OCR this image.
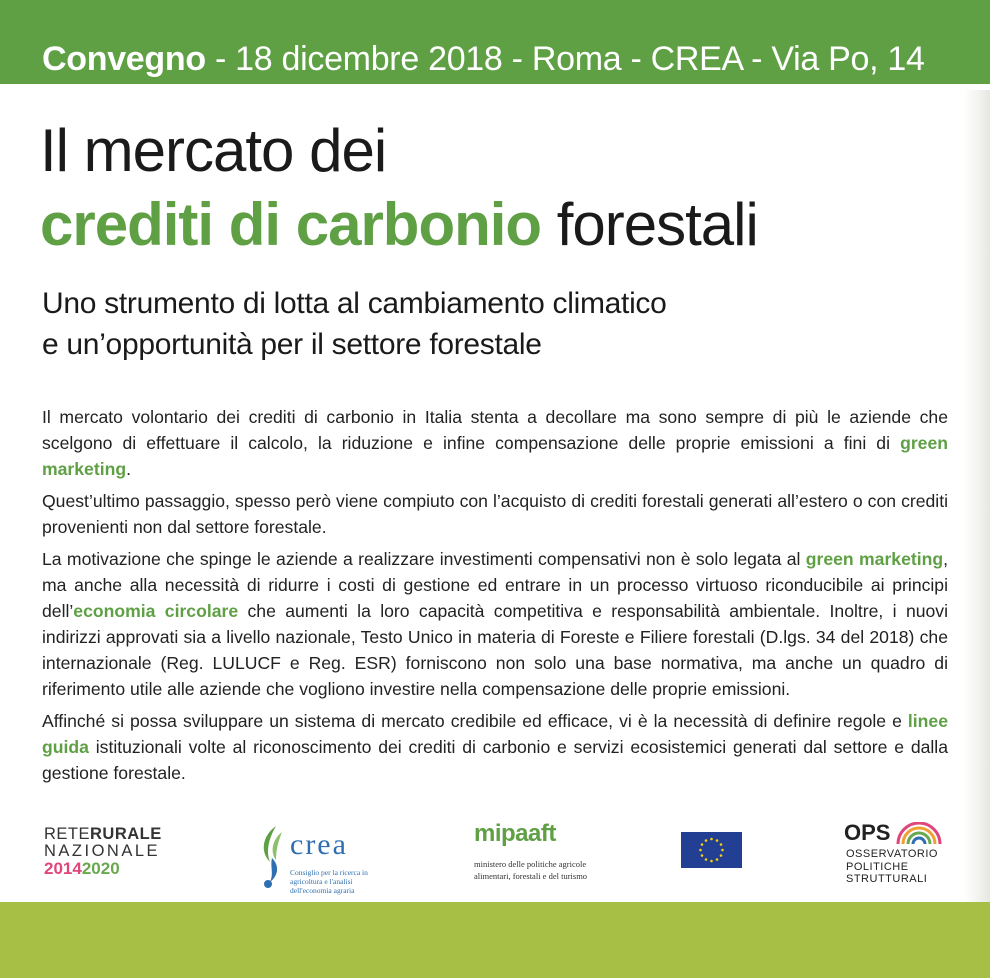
Convegno - 18 dicembre 2018 - Roma - CREA - Via Po, 14
Il mercato dei
crediti di carbonio forestali
Uno strumento di lotta al cambiamento climatico
e un’opportunità per il settore forestale

Il mercato volontario dei crediti di carbonio in Italia stenta a decollare ma sono sempre di più le aziende che scelgono di effettuare il calcolo, la riduzione e infine compensazione delle proprie emissioni a fini di green marketing.

Quest’ultimo passaggio, spesso però viene compiuto con l’acquisto di crediti forestali generati all’estero o con crediti provenienti non dal settore forestale.

La motivazione che spinge le aziende a realizzare investimenti compensativi non è solo legata al green marketing, ma anche alla necessità di ridurre i costi di gestione ed entrare in un processo virtuoso riconducibile ai principi dell’economia circolare che aumenti la loro capacità competitiva e responsabilità ambientale. Inoltre, i nuovi indirizzi approvati sia a livello nazionale, Testo Unico in materia di Foreste e Filiere forestali (D.lgs. 34 del 2018) che internazionale (Reg. LULUCF e Reg. ESR) forniscono non solo una base normativa, ma anche un quadro di riferimento utile alle aziende che vogliono investire nella compensazione delle proprie emissioni.

Affinché si possa sviluppare un sistema di mercato credibile ed efficace, vi è la necessità di definire regole e linee guida istituzionali volte al riconoscimento dei crediti di carbonio e servizi ecosistemici generati dal settore e dalla gestione forestale.

RETERURALE
NAZIONALE
20142020
crea
Consiglio per la ricerca in agricoltura e l'analisi dell'economia agraria
mipaaft
ministero delle politiche agricole alimentari, forestali e del turismo
OPS
OSSERVATORIO
POLITICHE
STRUTTURALI
